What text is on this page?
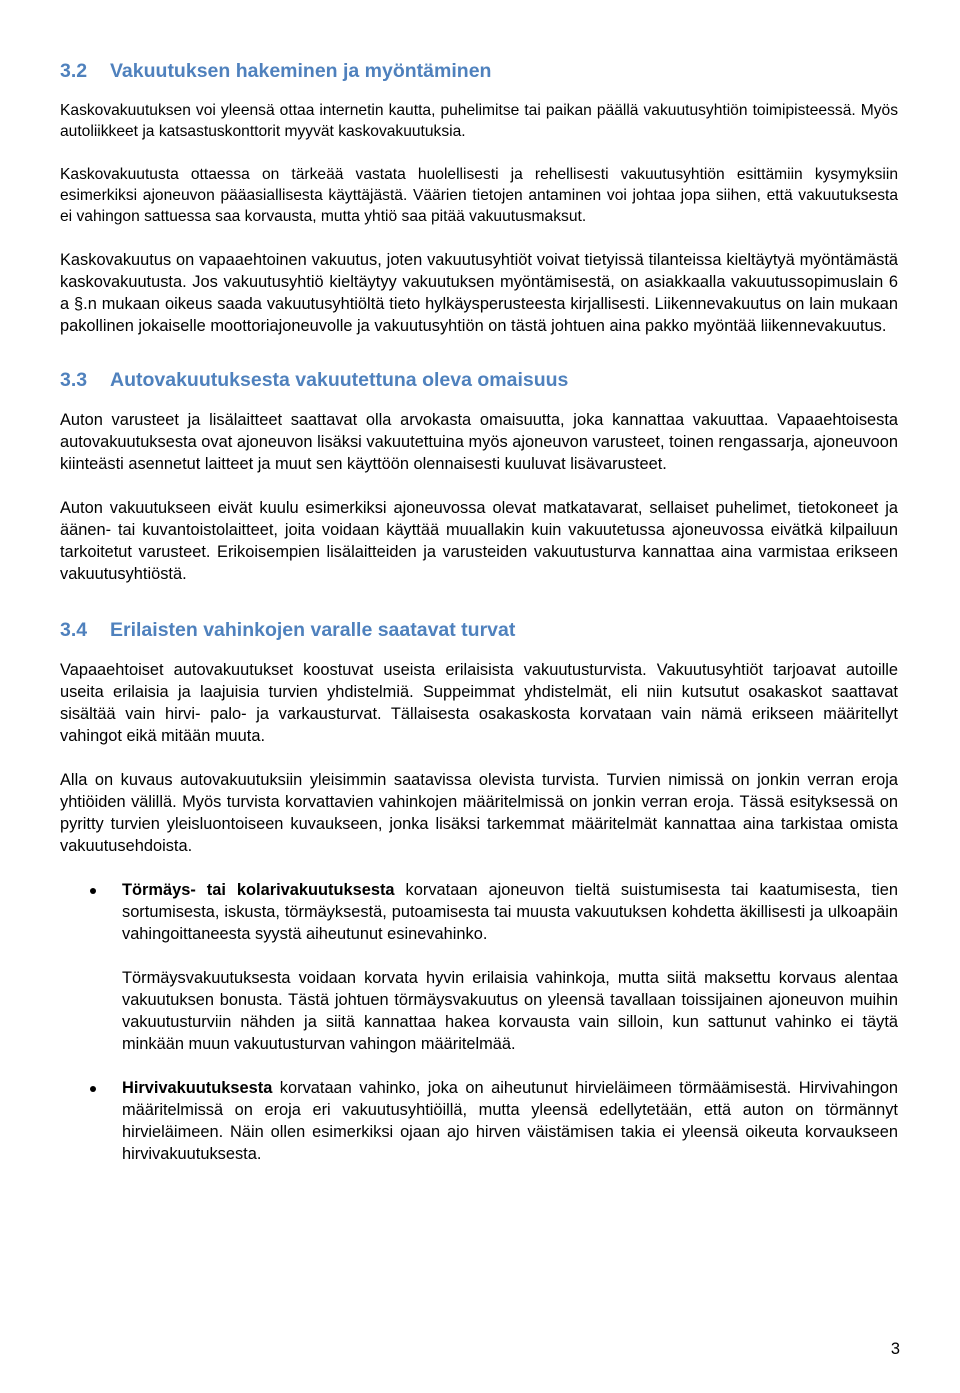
3.2	Vakuutuksen hakeminen ja myöntäminen

Kaskovakuutuksen voi yleensä ottaa internetin kautta, puhelimitse tai paikan päällä vakuutusyhtiön toimipisteessä. Myös autoliikkeet ja katsastuskonttorit myyvät kaskovakuutuksia.

Kaskovakuutusta ottaessa on tärkeää vastata huolellisesti ja rehellisesti vakuutusyhtiön esittämiin kysymyksiin esimerkiksi ajoneuvon pääasiallisesta käyttäjästä. Väärien tietojen antaminen voi johtaa jopa siihen, että vakuutuksesta ei vahingon sattuessa saa korvausta, mutta yhtiö saa pitää vakuutusmaksut.

Kaskovakuutus on vapaaehtoinen vakuutus, joten vakuutusyhtiöt voivat tietyissä tilanteissa kieltäytyä myöntämästä kaskovakuutusta. Jos vakuutusyhtiö kieltäytyy vakuutuksen myöntämisestä, on asiakkaalla vakuutussopimuslain 6 a §.n mukaan oikeus saada vakuutusyhtiöltä tieto hylkäysperusteesta kirjallisesti. Liikennevakuutus on lain mukaan pakollinen jokaiselle moottoriajoneuvolle ja vakuutusyhtiön on tästä johtuen aina pakko myöntää liikennevakuutus.

3.3	Autovakuutuksesta vakuutettuna oleva omaisuus

Auton varusteet ja lisälaitteet saattavat olla arvokasta omaisuutta, joka kannattaa vakuuttaa. Vapaaehtoisesta autovakuutuksesta ovat ajoneuvon lisäksi vakuutettuina myös ajoneuvon varusteet, toinen rengassarja, ajoneuvoon kiinteästi asennetut laitteet ja muut sen käyttöön olennaisesti kuuluvat lisävarusteet.

Auton vakuutukseen eivät kuulu esimerkiksi ajoneuvossa olevat matkatavarat, sellaiset puhelimet, tietokoneet ja äänen- tai kuvantoistolaitteet, joita voidaan käyttää muuallakin kuin vakuutetussa ajoneuvossa eivätkä kilpailuun tarkoitetut varusteet. Erikoisempien lisälaitteiden ja varusteiden vakuutusturva kannattaa aina varmistaa erikseen vakuutusyhtiöstä.

3.4	Erilaisten vahinkojen varalle saatavat turvat

Vapaaehtoiset autovakuutukset koostuvat useista erilaisista vakuutusturvista. Vakuutusyhtiöt tarjoavat autoille useita erilaisia ja laajuisia turvien yhdistelmiä. Suppeimmat yhdistelmät, eli niin kutsutut osakaskot saattavat sisältää vain hirvi- palo- ja varkausturvat. Tällaisesta osakaskosta korvataan vain nämä erikseen määritellyt vahingot eikä mitään muuta.

Alla on kuvaus autovakuutuksiin yleisimmin saatavissa olevista turvista. Turvien nimissä on jonkin verran eroja yhtiöiden välillä. Myös turvista korvattavien vahinkojen määritelmissä on jonkin verran eroja. Tässä esityksessä on pyritty turvien yleisluontoiseen kuvaukseen, jonka lisäksi tarkemmat määritelmät kannattaa aina tarkistaa omista vakuutusehdoista.

Törmäys- tai kolarivakuutuksesta korvataan ajoneuvon tieltä suistumisesta tai kaatumisesta, tien sortumisesta, iskusta, törmäyksestä, putoamisesta tai muusta vakuutuksen kohdetta äkillisesti ja ulkoapäin vahingoittaneesta syystä aiheutunut esinevahinko.

Törmäysvakuutuksesta voidaan korvata hyvin erilaisia vahinkoja, mutta siitä maksettu korvaus alentaa vakuutuksen bonusta. Tästä johtuen törmäysvakuutus on yleensä tavallaan toissijainen ajoneuvon muihin vakuutusturviin nähden ja siitä kannattaa hakea korvausta vain silloin, kun sattunut vahinko ei täytä minkään muun vakuutusturvan vahingon määritelmää.

Hirvivakuutuksesta korvataan vahinko, joka on aiheutunut hirvieläimeen törmäämisestä. Hirvivahingon määritelmissä on eroja eri vakuutusyhtiöillä, mutta yleensä edellytetään, että auton on törmännyt hirvieläimeen. Näin ollen esimerkiksi ojaan ajo hirven väistämisen takia ei yleensä oikeuta korvaukseen hirvivakuutuksesta.

3
